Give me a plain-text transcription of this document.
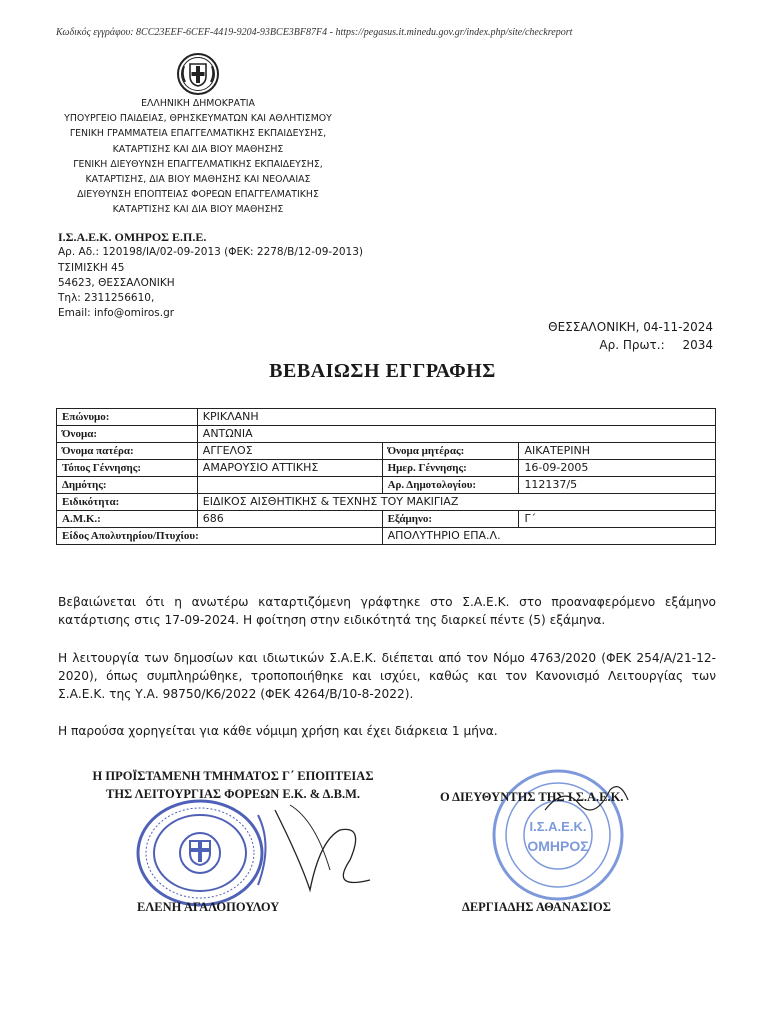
Κωδικός εγγράφου: 8CC23EEF-6CEF-4419-9204-93BCE3BF87F4 - https://pegasus.it.minedu.gov.gr/index.php/site/checkreport
ΕΛΛΗΝΙΚΗ ΔΗΜΟΚΡΑΤΙΑ
ΥΠΟΥΡΓΕΙΟ ΠΑΙΔΕΙΑΣ, ΘΡΗΣΚΕΥΜΑΤΩΝ ΚΑΙ ΑΘΛΗΤΙΣΜΟΥ
ΓΕΝΙΚΗ ΓΡΑΜΜΑΤΕΙΑ ΕΠΑΓΓΕΛΜΑΤΙΚΗΣ ΕΚΠΑΙΔΕΥΣΗΣ,
ΚΑΤΑΡΤΙΣΗΣ ΚΑΙ ΔΙΑ ΒΙΟΥ ΜΑΘΗΣΗΣ
ΓΕΝΙΚΗ ΔΙΕΥΘΥΝΣΗ ΕΠΑΓΓΕΛΜΑΤΙΚΗΣ ΕΚΠΑΙΔΕΥΣΗΣ,
ΚΑΤΑΡΤΙΣΗΣ, ΔΙΑ ΒΙΟΥ ΜΑΘΗΣΗΣ ΚΑΙ ΝΕΟΛΑΙΑΣ
ΔΙΕΥΘΥΝΣΗ ΕΠΟΠΤΕΙΑΣ ΦΟΡΕΩΝ ΕΠΑΓΓΕΛΜΑΤΙΚΗΣ
ΚΑΤΑΡΤΙΣΗΣ ΚΑΙ ΔΙΑ ΒΙΟΥ ΜΑΘΗΣΗΣ
Ι.Σ.Α.Ε.Κ. ΟΜΗΡΟΣ Ε.Π.Ε.
Αρ. Αδ.: 120198/ΙΑ/02-09-2013 (ΦΕΚ: 2278/Β/12-09-2013)
ΤΣΙΜΙΣΚΗ 45
54623, ΘΕΣΣΑΛΟΝΙΚΗ
Τηλ: 2311256610,
Email: info@omiros.gr
ΘΕΣΣΑΛΟΝΙΚΗ, 04-11-2024
Αρ. Πρωτ.: 2034
ΒΕΒΑΙΩΣΗ ΕΓΓΡΑΦΗΣ
Επώνυμο:	ΚΡΙΚΛΑΝΗ		
Όνομα:	ΑΝΤΩΝΙΑ		
Όνομα πατέρα:	ΑΓΓΕΛΟΣ	Όνομα μητέρας:	ΑΙΚΑΤΕΡΙΝΗ
Τόπος Γέννησης:	ΑΜΑΡΟΥΣΙΟ ΑΤΤΙΚΗΣ	Ημερ. Γέννησης:	16-09-2005
Δημότης:		Αρ. Δημοτολογίου:	112137/5
Ειδικότητα:	ΕΙΔΙΚΟΣ ΑΙΣΘΗΤΙΚΗΣ & ΤΕΧΝΗΣ ΤΟΥ ΜΑΚΙΓΙΑΖ		
Α.Μ.Κ.:	686	Εξάμηνο:	Γ΄
Είδος Απολυτηρίου/Πτυχίου:		ΑΠΟΛΥΤΗΡΙΟ ΕΠΑ.Λ.	
Βεβαιώνεται ότι η ανωτέρω καταρτιζόμενη γράφτηκε στο Σ.Α.Ε.Κ. στο προαναφερόμενο εξάμηνο κατάρτισης στις 17-09-2024. Η φοίτηση στην ειδικότητά της διαρκεί πέντε (5) εξάμηνα.
Η λειτουργία των δημοσίων και ιδιωτικών Σ.Α.Ε.Κ. διέπεται από τον Νόμο 4763/2020 (ΦΕΚ 254/Α/21-12-2020), όπως συμπληρώθηκε, τροποποιήθηκε και ισχύει, καθώς και τον Κανονισμό Λειτουργίας των Σ.Α.Ε.Κ. της Υ.Α. 98750/Κ6/2022 (ΦΕΚ 4264/Β/10-8-2022).
Η παρούσα χορηγείται για κάθε νόμιμη χρήση και έχει διάρκεια 1 μήνα.
Ι.Σ.Α.Ε.Κ.
ΟΜΗΡΟΣ
Η ΠΡΟΪΣΤΑΜΕΝΗ ΤΜΗΜΑΤΟΣ Γ΄ ΕΠΟΠΤΕΙΑΣ
ΤΗΣ ΛΕΙΤΟΥΡΓΙΑΣ ΦΟΡΕΩΝ Ε.Κ. & Δ.Β.Μ.
ΕΛΕΝΗ ΑΓΑΛΟΠΟΥΛΟΥ
Ο ΔΙΕΥΘΥΝΤΗΣ ΤΗΣ Ι.Σ.Α.Ε.Κ.
ΔΕΡΓΙΑΔΗΣ ΑΘΑΝΑΣΙΟΣ
